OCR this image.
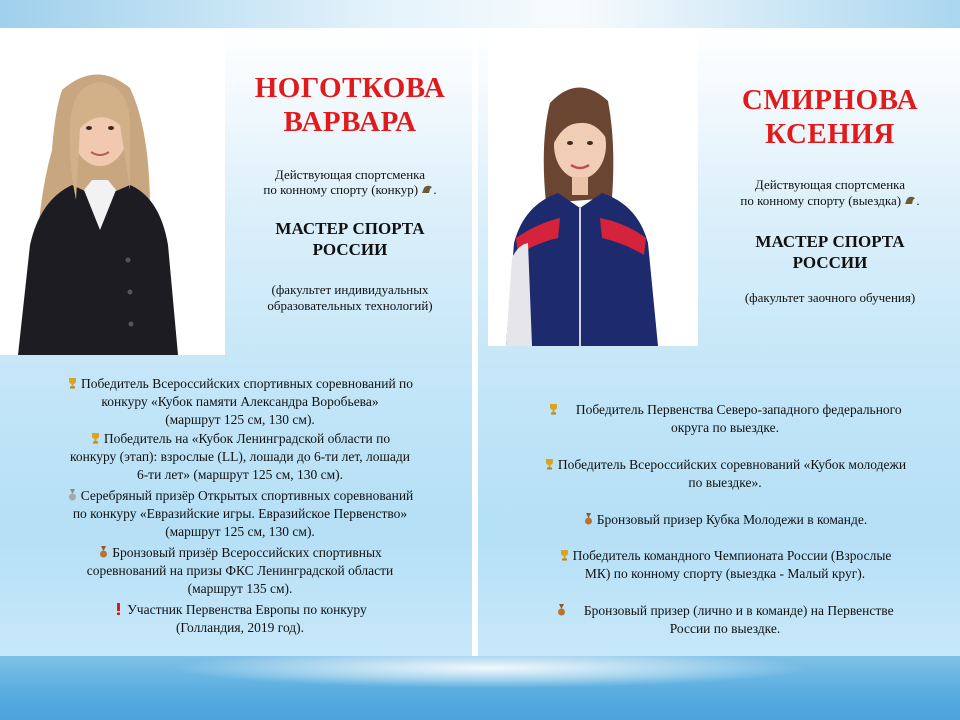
НОГОТКОВА
ВАРВАРА
Действующая спортсменка
по конному спорту (конкур) .
МАСТЕР СПОРТА
РОССИИ
(факультет индивидуальных
образовательных технологий)
Победитель Всероссийских спортивных соревнований по
конкуру «Кубок памяти Александра Воробьева»
(маршрут 125 см, 130 см).
Победитель на «Кубок Ленинградской области по
конкуру (этап): взрослые (LL), лошади до 6-ти лет, лошади
6-ти лет» (маршрут 125 см, 130 см).
Серебряный призёр Открытых спортивных соревнований
по конкуру «Евразийские игры. Евразийское Первенство»
(маршрут 125 см, 130 см).
Бронзовый призёр Всероссийских спортивных
соревнований на призы ФКС Ленинградской области
(маршрут 135 см).
Участник Первенства Европы по конкуру
(Голландия, 2019 год).
СМИРНОВА
КСЕНИЯ
Действующая спортсменка
по конному спорту (выездка) .
МАСТЕР СПОРТА
РОССИИ
(факультет заочного обучения)
Победитель Первенства Северо-западного федерального
округа по выездке.
Победитель Всероссийских соревнований «Кубок молодежи
по выездке».
Бронзовый призер Кубка Молодежи в команде.
Победитель командного Чемпионата России (Взрослые
МК) по конному спорту (выездка - Малый круг).
Бронзовый призер (лично и в команде) на Первенстве
России по выездке.
